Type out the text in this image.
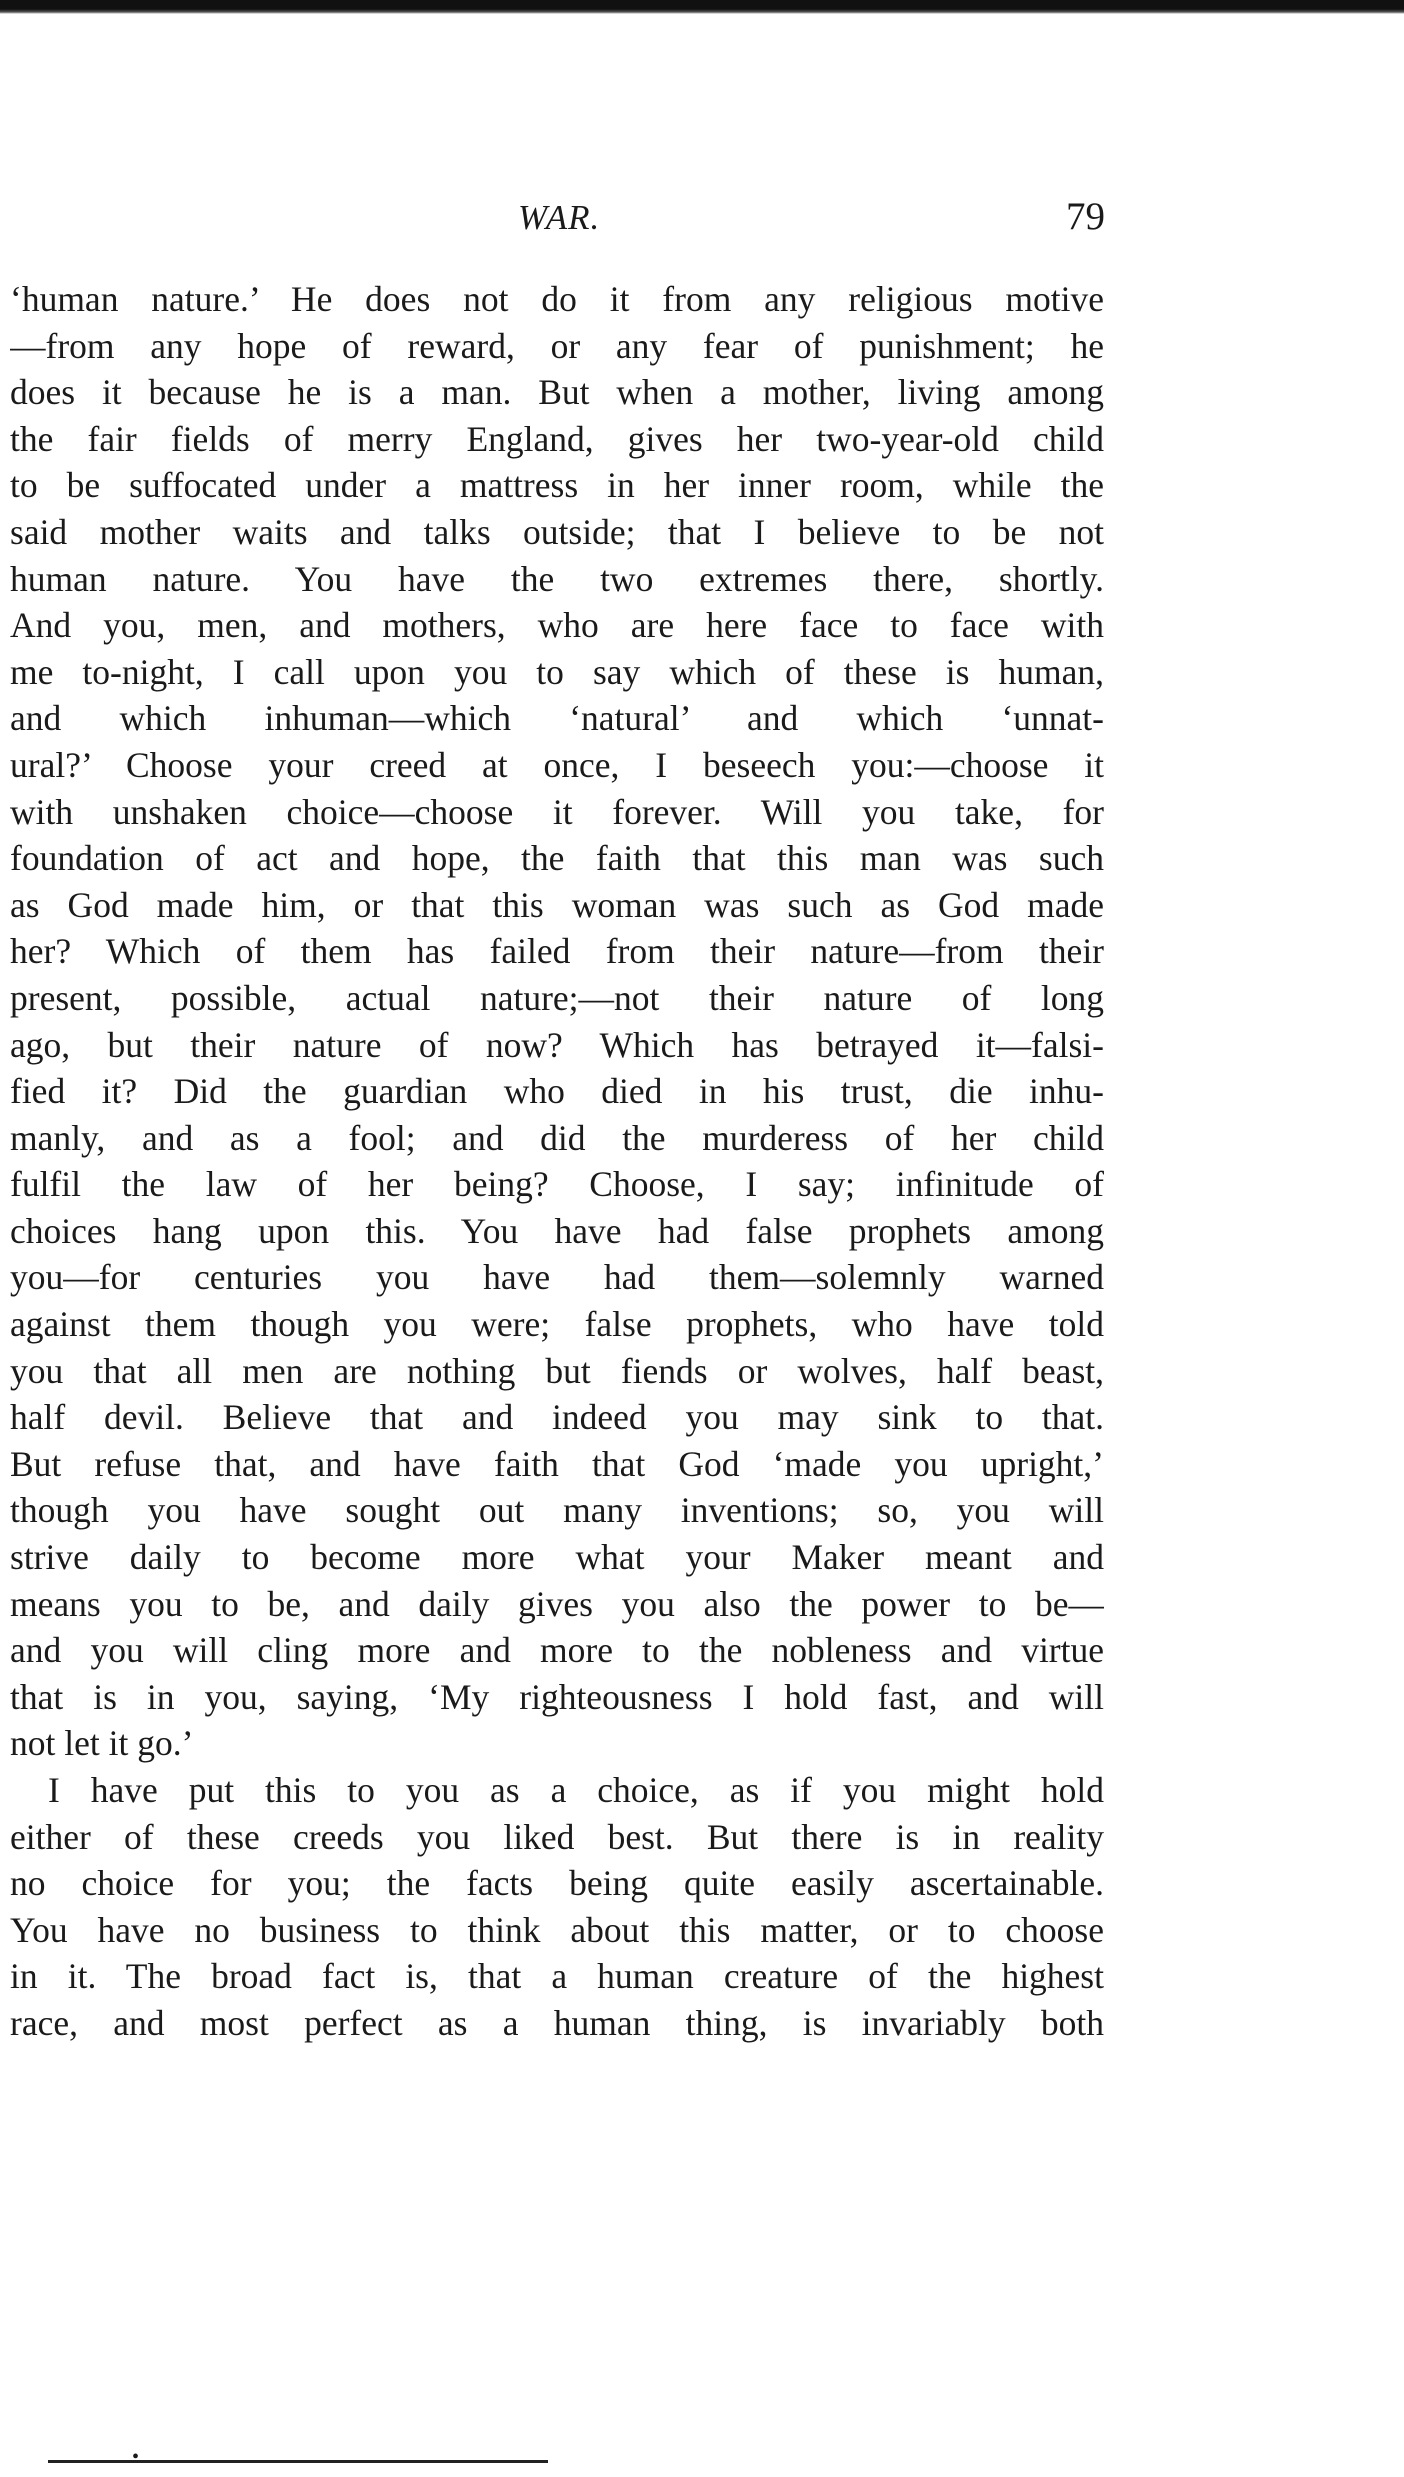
WAR.	79
‘human nature.’ He does not do it from any religious motive
—from any hope of reward, or any fear of punishment; he
does it because he is a man. But when a mother, living among
the fair fields of merry England, gives her two-year-old child
to be suffocated under a mattress in her inner room, while the
said mother waits and talks outside; that I believe to be not
human nature. You have the two extremes there, shortly.
And you, men, and mothers, who are here face to face with
me to-night, I call upon you to say which of these is human,
and which inhuman—which ‘natural’ and which ‘unnat-
ural?’ Choose your creed at once, I beseech you:—choose it
with unshaken choice—choose it forever. Will you take, for
foundation of act and hope, the faith that this man was such
as God made him, or that this woman was such as God made
her? Which of them has failed from their nature—from their
present, possible, actual nature;—not their nature of long
ago, but their nature of now? Which has betrayed it—falsi-
fied it? Did the guardian who died in his trust, die inhu-
manly, and as a fool; and did the murderess of her child
fulfil the law of her being? Choose, I say; infinitude of
choices hang upon this. You have had false prophets among
you—for centuries you have had them—solemnly warned
against them though you were; false prophets, who have told
you that all men are nothing but fiends or wolves, half beast,
half devil. Believe that and indeed you may sink to that.
But refuse that, and have faith that God ‘made you upright,’
though you have sought out many inventions; so, you will
strive daily to become more what your Maker meant and
means you to be, and daily gives you also the power to be—
and you will cling more and more to the nobleness and virtue
that is in you, saying, ‘My righteousness I hold fast, and will
not let it go.’
I have put this to you as a choice, as if you might hold
either of these creeds you liked best. But there is in reality
no choice for you; the facts being quite easily ascertainable.
You have no business to think about this matter, or to choose
in it. The broad fact is, that a human creature of the highest
race, and most perfect as a human thing, is invariably both
•
